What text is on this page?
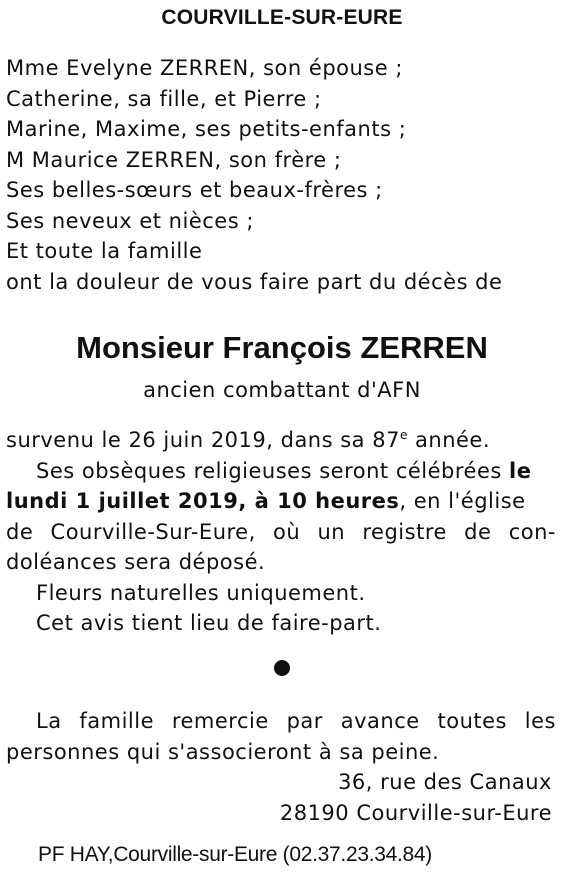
COURVILLE-SUR-EURE
Mme Evelyne ZERREN, son épouse ;
Catherine, sa fille, et Pierre ;
Marine, Maxime, ses petits-enfants ;
M Maurice ZERREN, son frère ;
Ses belles-sœurs et beaux-frères ;
Ses neveux et nièces ;
Et toute la famille
ont la douleur de vous faire part du décès de
Monsieur François ZERREN
ancien combattant d'AFN
survenu le 26 juin 2019, dans sa 87e année.
Ses obsèques religieuses seront célébrées le
lundi 1 juillet 2019, à 10 heures, en l'église
de Courville-Sur-Eure, où un registre de con-
doléances sera déposé.
Fleurs naturelles uniquement.
Cet avis tient lieu de faire-part.
La famille remercie par avance toutes les
personnes qui s'associeront à sa peine.
36, rue des Canaux
28190 Courville-sur-Eure
PF HAY,Courville-sur-Eure (02.37.23.34.84)
